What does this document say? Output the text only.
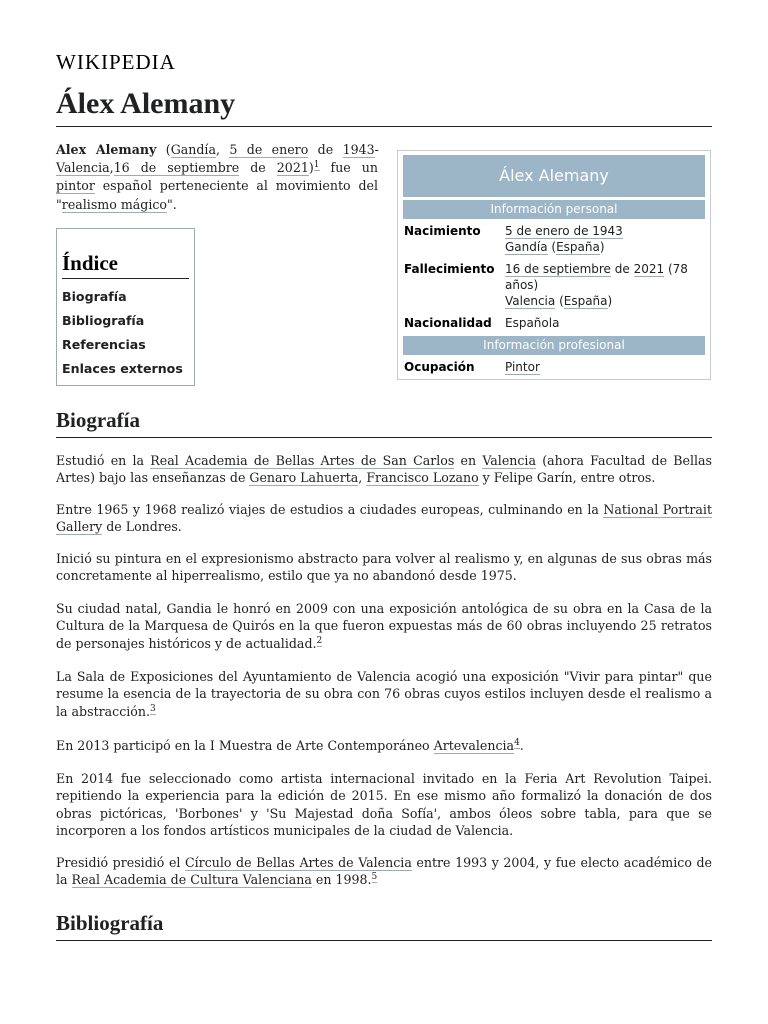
WIKIPEDIA
Álex Alemany

Alex Alemany (Gandía, 5 de enero de 1943-Valencia,16 de septiembre de 2021)$^1$ fue un pintor español perteneciente al movimiento del "realismo mágico".

Álex Alemany
Información personal
Nacimiento	5 de enero de 1943
Gandía (España)
Fallecimiento 16 de septiembre de 2021 (78 años)
Valencia (España)
Nacionalidad	Española
Información profesional
Ocupación	Pintor
Índice
Biografía
Bibliografía
Referencias
Enlaces externos
Biografía

Estudió en la Real Academia de Bellas Artes de San Carlos en Valencia (ahora Facultad de Bellas Artes) bajo las enseñanzas de Genaro Lahuerta, Francisco Lozano y Felipe Garín, entre otros.

Entre 1965 y 1968 realizó viajes de estudios a ciudades europeas, culminando en la National Portrait Gallery de Londres.

Inició su pintura en el expresionismo abstracto para volver al realismo y, en algunas de sus obras más concretamente al hiperrealismo, estilo que ya no abandonó desde 1975.

Su ciudad natal, Gandia le honró en 2009 con una exposición antológica de su obra en la Casa de la Cultura de la Marquesa de Quirós en la que fueron expuestas más de 60 obras incluyendo 25 retratos de personajes históricos y de actualidad.$^2$

La Sala de Exposiciones del Ayuntamiento de Valencia acogió una exposición "Vivir para pintar" que resume la esencia de la trayectoria de su obra con 76 obras cuyos estilos incluyen desde el realismo a la abstracción.$^3$

En 2013 participó en la I Muestra de Arte Contemporáneo Artevalencia$^4$.

En 2014 fue seleccionado como artista internacional invitado en la Feria Art Revolution Taipei. repitiendo la experiencia para la edición de 2015. En ese mismo año formalizó la donación de dos obras pictóricas, 'Borbones' y 'Su Majestad doña Sofía', ambos óleos sobre tabla, para que se incorporen a los fondos artísticos municipales de la ciudad de Valencia.

Presidió presidió el Círculo de Bellas Artes de Valencia entre 1993 y 2004, y fue electo académico de la Real Academia de Cultura Valenciana en 1998.$^5$

Bibliografía
